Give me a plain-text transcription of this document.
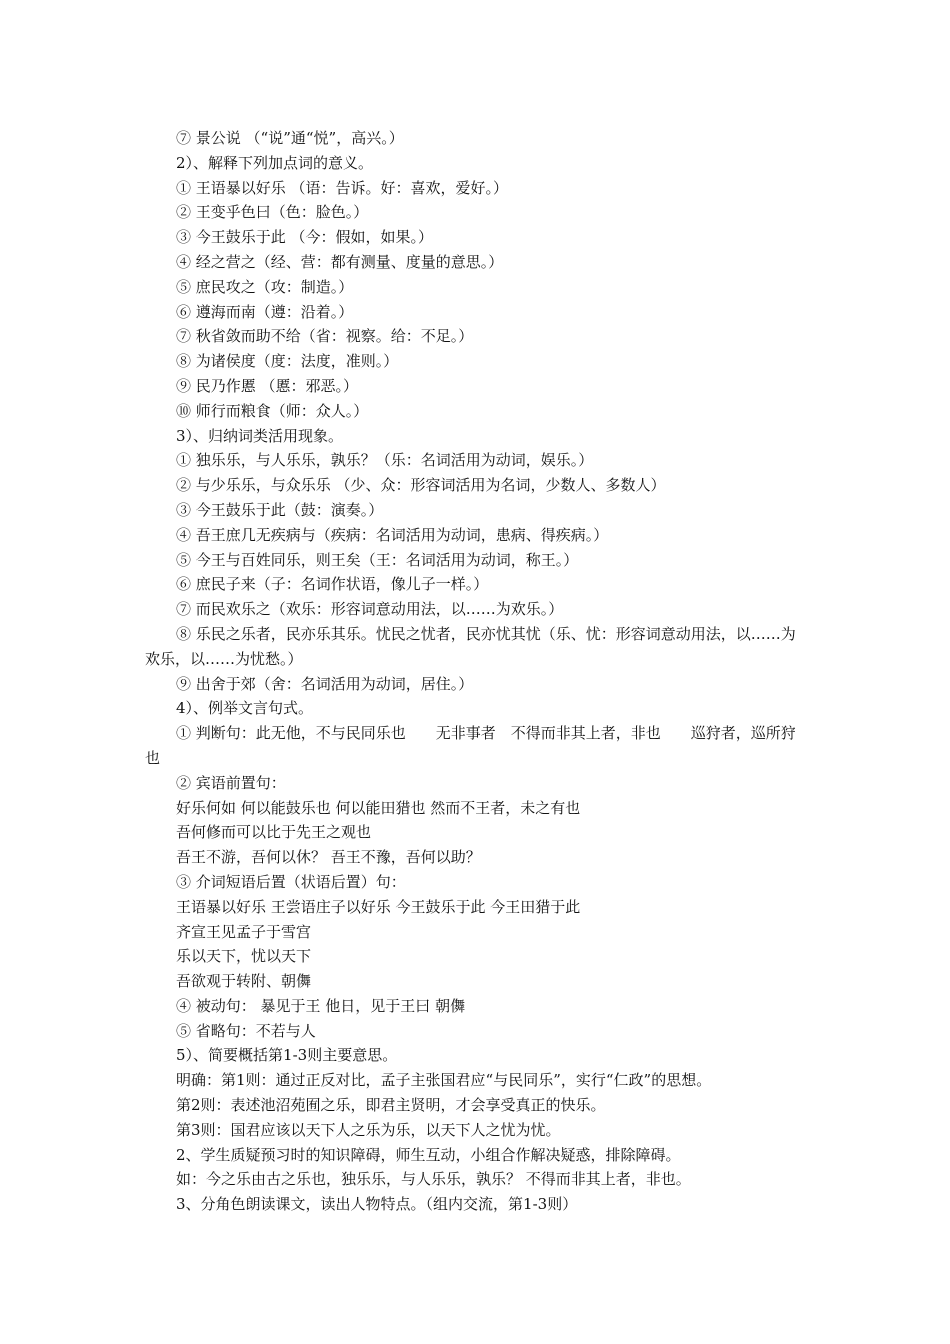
⑦ 景公说 （“说”通“悦”，高兴。）
2）、解释下列加点词的意义。
① 王语暴以好乐 （语：告诉。好：喜欢，爱好。）
② 王变乎色曰（色：脸色。）
③ 今王鼓乐于此 （今：假如，如果。）
④ 经之营之（经、营：都有测量、度量的意思。）
⑤ 庶民攻之（攻：制造。）
⑥ 遵海而南（遵：沿着。）
⑦ 秋省敛而助不给（省：视察。给：不足。）
⑧ 为诸侯度（度：法度，准则。）
⑨ 民乃作慝 （慝：邪恶。）
⑩ 师行而粮食（师：众人。）
3）、归纳词类活用现象。
① 独乐乐，与人乐乐，孰乐？（乐：名词活用为动词，娱乐。）
② 与少乐乐，与众乐乐 （少、众：形容词活用为名词，少数人、多数人）
③ 今王鼓乐于此（鼓：演奏。）
④ 吾王庶几无疾病与（疾病：名词活用为动词，患病、得疾病。）
⑤ 今王与百姓同乐，则王矣（王：名词活用为动词，称王。）
⑥ 庶民子来（子：名词作状语，像儿子一样。）
⑦ 而民欢乐之（欢乐：形容词意动用法，以……为欢乐。）
⑧ 乐民之乐者，民亦乐其乐。忧民之忧者，民亦忧其忧（乐、忧：形容词意动用法，以……为欢乐，以……为忧愁。）
⑨ 出舍于郊（舍：名词活用为动词，居住。）
4）、例举文言句式。
① 判断句：此无他，不与民同乐也　　无非事者　不得而非其上者，非也　　巡狩者，巡所狩也
② 宾语前置句：
好乐何如 何以能鼓乐也 何以能田猎也 然而不王者，未之有也
吾何修而可以比于先王之观也
吾王不游，吾何以休？ 吾王不豫，吾何以助？
③ 介词短语后置（状语后置）句：
王语暴以好乐 王尝语庄子以好乐 今王鼓乐于此 今王田猎于此
齐宣王见孟子于雪宫
乐以天下，忧以天下
吾欲观于转附、朝儛
④ 被动句： 暴见于王 他日，见于王曰 朝儛
⑤ 省略句：不若与人
5）、简要概括第1-3则主要意思。
明确：第1则：通过正反对比，孟子主张国君应“与民同乐”，实行“仁政”的思想。
第2则：表述池沼苑囿之乐，即君主贤明，才会享受真正的快乐。
第3则：国君应该以天下人之乐为乐，以天下人之忧为忧。
2、学生质疑预习时的知识障碍，师生互动，小组合作解决疑惑，排除障碍。
如：今之乐由古之乐也，独乐乐，与人乐乐，孰乐？ 不得而非其上者，非也。
3、分角色朗读课文，读出人物特点。（组内交流，第1-3则）
